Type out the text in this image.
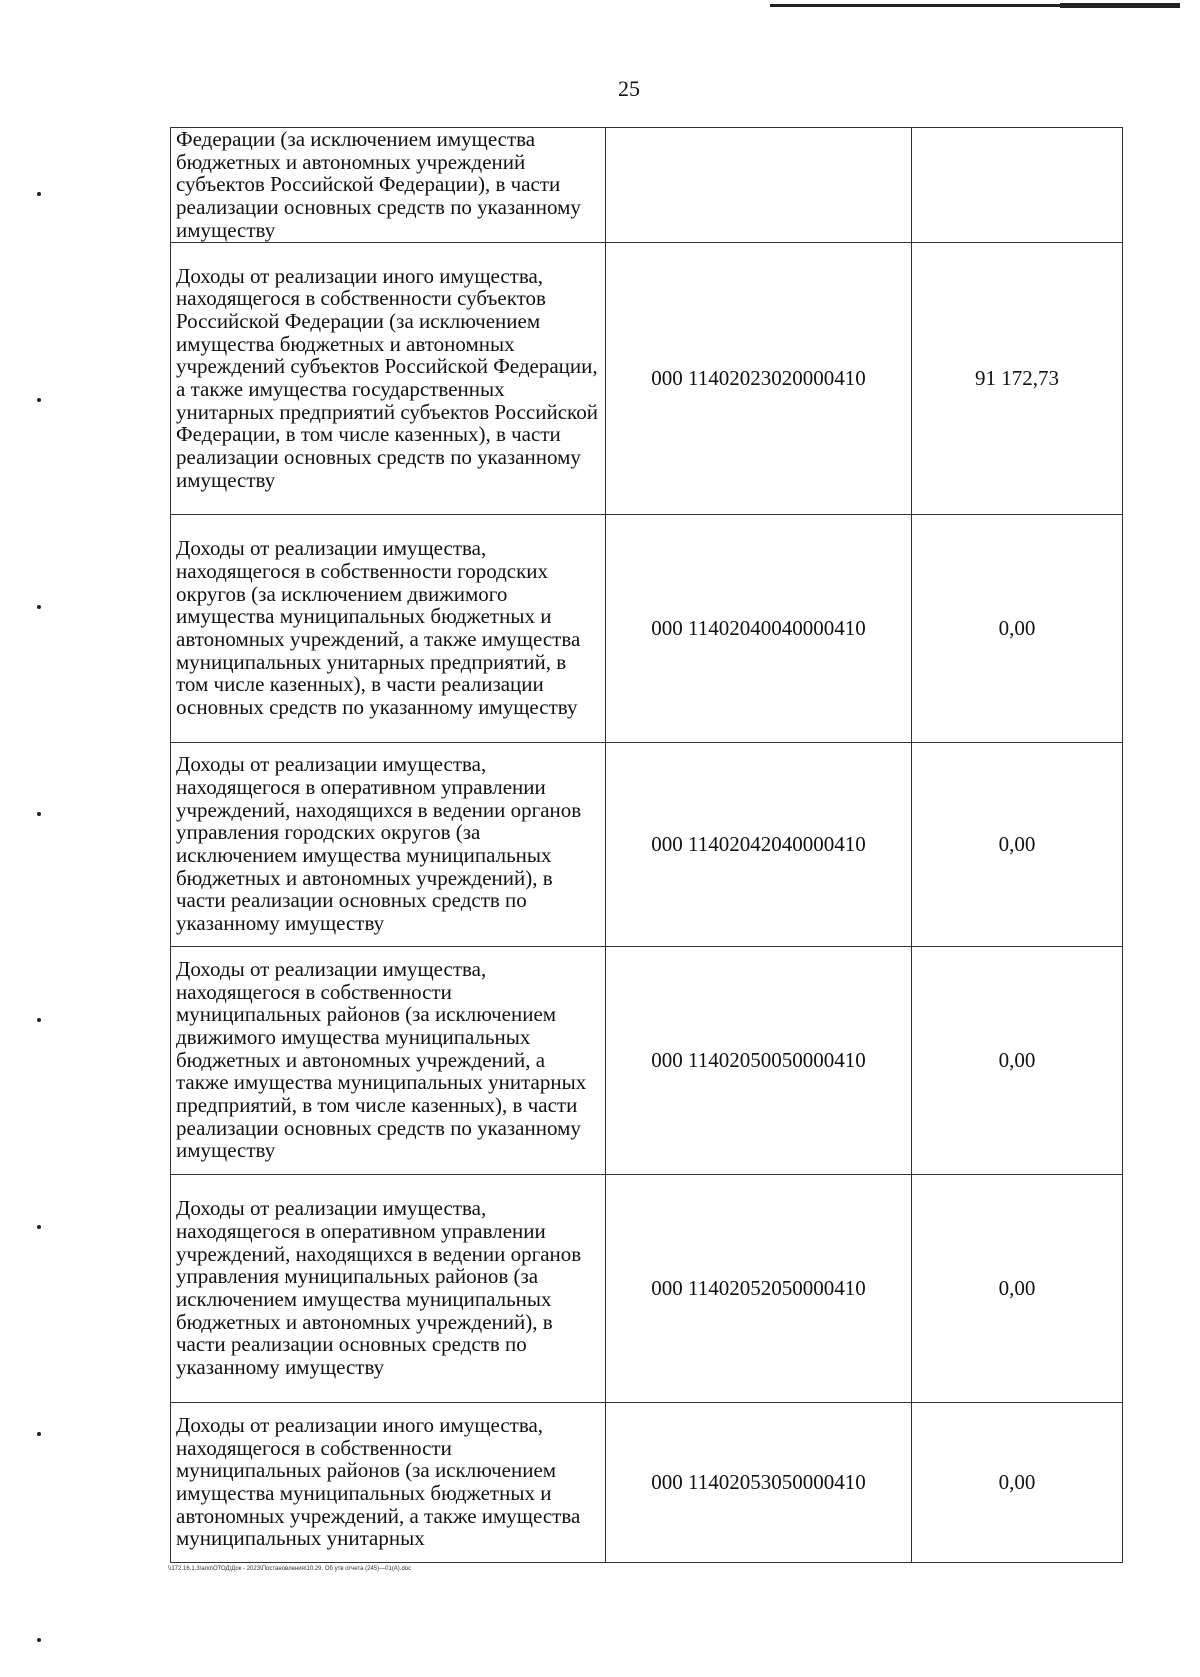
25
Федерации (за исключением имущества бюджетных и автономных учреждений субъектов Российской Федерации), в части реализации основных средств по указанному имуществу		

Доходы от реализации иного имущества, находящегося в собственности субъектов Российской Федерации (за исключением имущества бюджетных и автономных учреждений субъектов Российской Федерации, а также имущества государственных унитарных предприятий субъектов Российской Федерации, в том числе казенных), в части реализации основных средств по указанному имуществу	000 11402023020000410	91 172,73

Доходы от реализации имущества, находящегося в собственности городских округов (за исключением движимого имущества муниципальных бюджетных и автономных учреждений, а также имущества муниципальных унитарных предприятий, в том числе казенных), в части реализации основных средств по указанному имуществу	000 11402040040000410	0,00

Доходы от реализации имущества, находящегося в оперативном управлении учреждений, находящихся в ведении органов управления городских округов (за исключением имущества муниципальных бюджетных и автономных учреждений), в части реализации основных средств по указанному имуществу	000 11402042040000410	0,00

Доходы от реализации имущества, находящегося в собственности муниципальных районов (за исключением движимого имущества муниципальных бюджетных и автономных учреждений, а также имущества муниципальных унитарных предприятий, в том числе казенных), в части реализации основных средств по указанному имуществу	000 11402050050000410	0,00

Доходы от реализации имущества, находящегося в оперативном управлении учреждений, находящихся в ведении органов управления муниципальных районов (за исключением имущества муниципальных бюджетных и автономных учреждений), в части реализации основных средств по указанному имуществу	000 11402052050000410	0,00

Доходы от реализации иного имущества, находящегося в собственности муниципальных районов (за исключением имущества муниципальных бюджетных и автономных учреждений, а также имущества муниципальных унитарных	000 11402053050000410	0,00
\\172.16.1.3\апо\ОТОД\Док - 2023\Постановления\10.29. Об утв отчета (245)—01(А).doc
